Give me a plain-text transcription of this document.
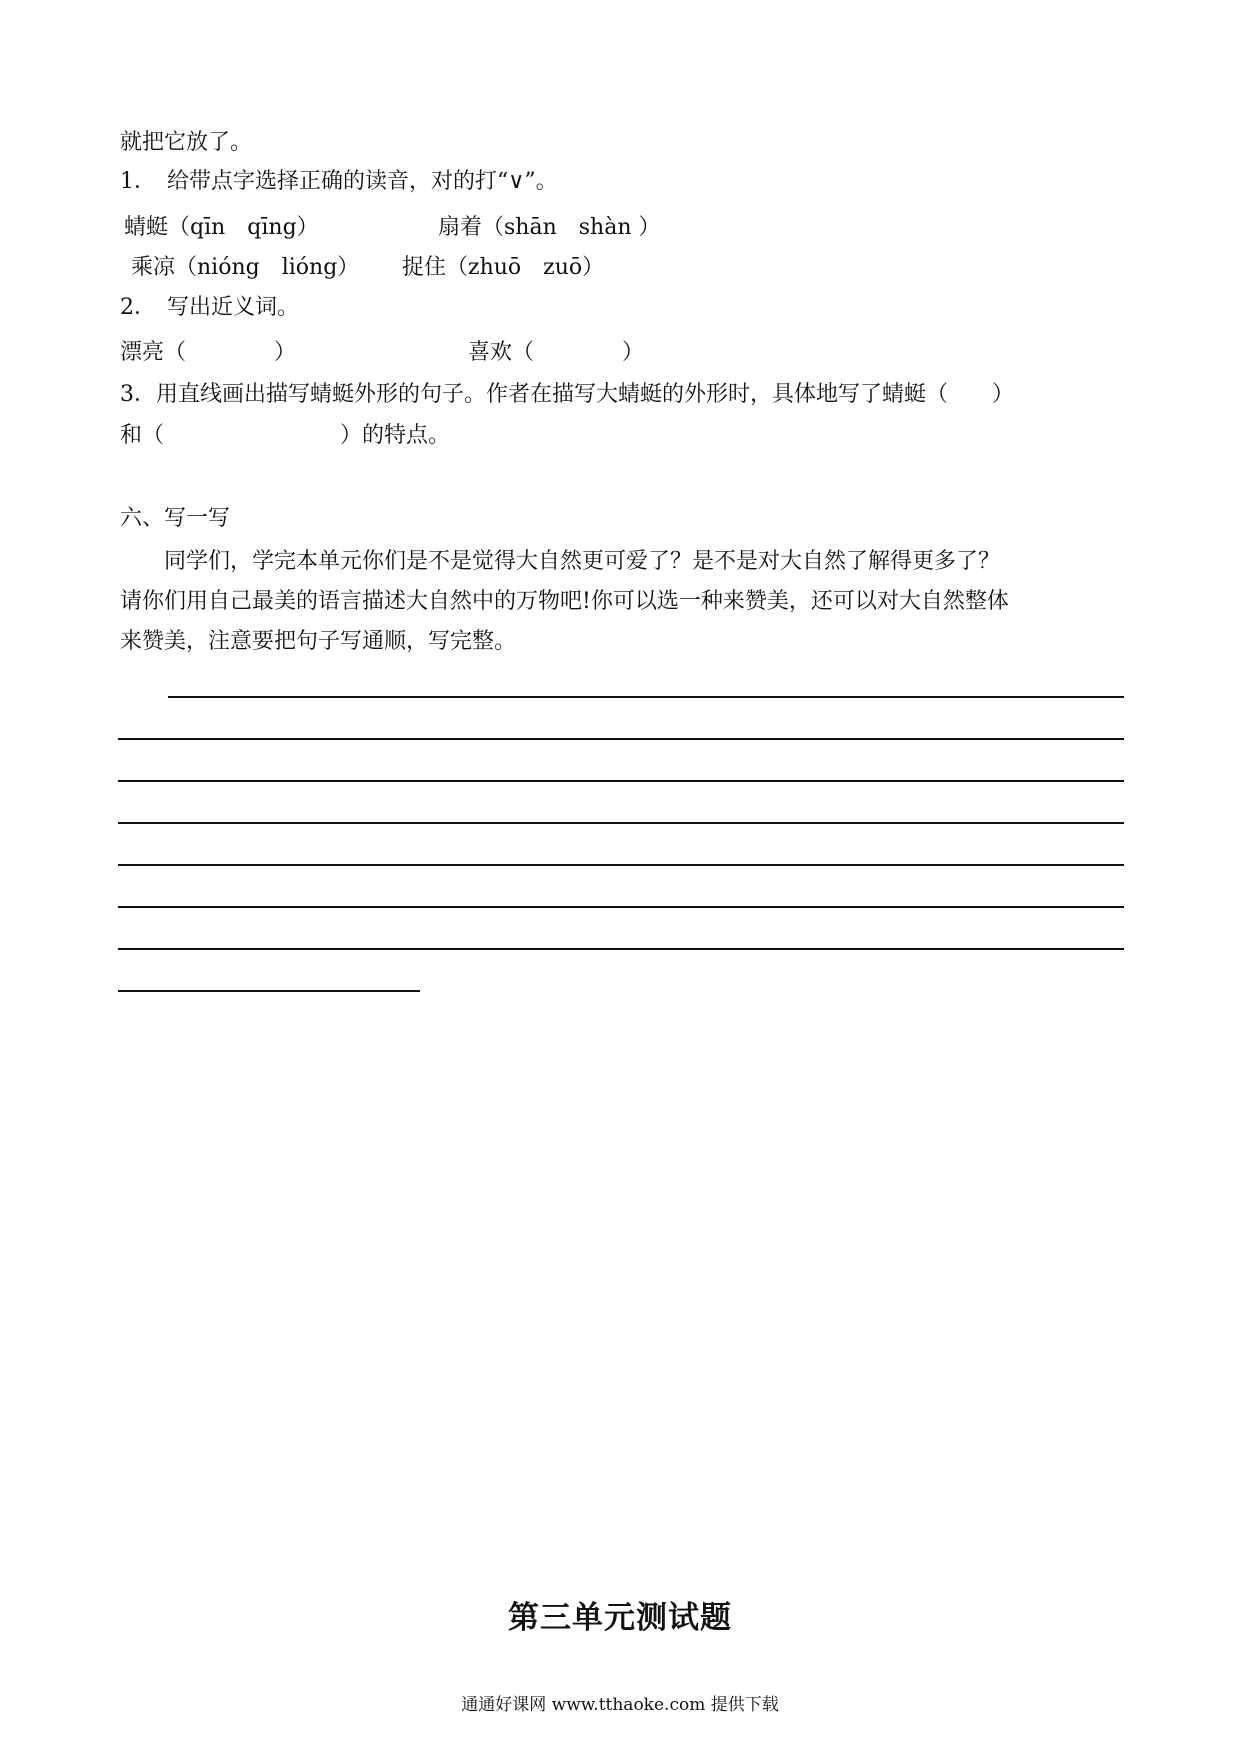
就把它放了。
1．　给带点字选择正确的读音，对的打“∨”。
蜻蜓（qīn　qīng）	扇着（shān　shàn ）
乘凉（nióng　lióng） 捉住（zhuō　zuō）
2．　写出近义词。
漂亮（　　　　）	喜欢（　　　　）
3．用直线画出描写蜻蜓外形的句子。作者在描写大蜻蜓的外形时，具体地写了蜻蜓（　　）
和（　　　　　　　　）的特点。
六、写一写
　　同学们，学完本单元你们是不是觉得大自然更可爱了？是不是对大自然了解得更多了？
请你们用自己最美的语言描述大自然中的万物吧!你可以选一种来赞美，还可以对大自然整体
来赞美，注意要把句子写通顺，写完整。
第三单元测试题
通通好课网 www.tthaoke.com 提供下载
